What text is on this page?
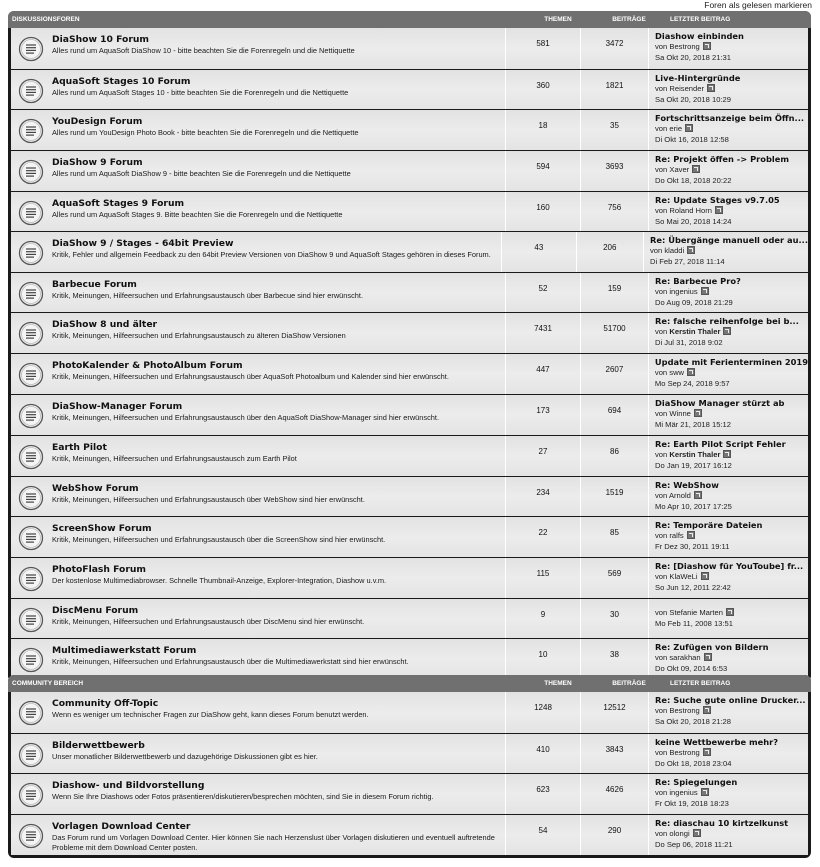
Foren als gelesen markieren
DISKUSSIONSFOREN	THEMEN	BEITRÄGE	LETZTER BEITRAG
DiaShow 10 Forum
Alles rund um AquaSoft DiaShow 10 - bitte beachten Sie die Forenregeln und die Nettiquette
581	3472
Diashow einbinden
von Bestrong
Sa Okt 20, 2018 21:31
AquaSoft Stages 10 Forum
Alles rund um AquaSoft Stages 10 - bitte beachten Sie die Forenregeln und die Nettiquette
360	1821
Live-Hintergründe
von Reisender
Sa Okt 20, 2018 10:29
YouDesign Forum
Alles rund um YouDesign Photo Book - bitte beachten Sie die Forenregeln und die Nettiquette
18	35
Fortschrittsanzeige beim Öffn...
von erie
Di Okt 16, 2018 12:58
DiaShow 9 Forum
Alles rund um AquaSoft DiaShow 9 - bitte beachten Sie die Forenregeln und die Nettiquette
594	3693
Re: Projekt öffen -> Problem
von Xaver
Do Okt 18, 2018 20:22
AquaSoft Stages 9 Forum
Alles rund um AquaSoft Stages 9. Bitte beachten Sie die Forenregeln und die Nettiquette
160	756
Re: Update Stages v9.7.05
von Roland Horn
So Mai 20, 2018 14:24
DiaShow 9 / Stages - 64bit Preview
Kritik, Fehler und allgemein Feedback zu den 64bit Preview Versionen von DiaShow 9 und AquaSoft Stages gehören in dieses Forum.
43	206
Re: Übergänge manuell oder au...
von kladdi
Di Feb 27, 2018 11:14
Barbecue Forum
Kritik, Meinungen, Hilfeersuchen und Erfahrungsaustausch über Barbecue sind hier erwünscht.
52	159
Re: Barbecue Pro?
von ingenius
Do Aug 09, 2018 21:29
DiaShow 8 und älter
Kritik, Meinungen, Hilfeersuchen und Erfahrungsaustausch zu älteren DiaShow Versionen
7431	51700
Re: falsche reihenfolge bei b...
von Kerstin Thaler
Di Jul 31, 2018 9:02
PhotoKalender & PhotoAlbum Forum
Kritik, Meinungen, Hilfeersuchen und Erfahrungsaustausch über AquaSoft Photoalbum und Kalender sind hier erwünscht.
447	2607
Update mit Ferienterminen 2019
von sww
Mo Sep 24, 2018 9:57
DiaShow-Manager Forum
Kritik, Meinungen, Hilfeersuchen und Erfahrungsaustausch über den AquaSoft DiaShow-Manager sind hier erwünscht.
173	694
DiaShow Manager stürzt ab
von Winne
Mi Mär 21, 2018 15:12
Earth Pilot
Kritik, Meinungen, Hilfeersuchen und Erfahrungsaustausch zum Earth Pilot
27	86
Re: Earth Pilot Script Fehler
von Kerstin Thaler
Do Jan 19, 2017 16:12
WebShow Forum
Kritik, Meinungen, Hilfeersuchen und Erfahrungsaustausch über WebShow sind hier erwünscht.
234	1519
Re: WebShow
von Arnold
Mo Apr 10, 2017 17:25
ScreenShow Forum
Kritik, Meinungen, Hilfeersuchen und Erfahrungsaustausch über die ScreenShow sind hier erwünscht.
22	85
Re: Temporäre Dateien
von ralfs
Fr Dez 30, 2011 19:11
PhotoFlash Forum
Der kostenlose Multimediabrowser. Schnelle Thumbnail-Anzeige, Explorer-Integration, Diashow u.v.m.
115	569
Re: [Diashow für YouToube] fr...
von KlaWeLi
So Jun 12, 2011 22:42
DiscMenu Forum
Kritik, Meinungen, Hilfeersuchen und Erfahrungsaustausch über DiscMenu sind hier erwünscht.
9	30	von Stefanie Marten
Mo Feb 11, 2008 13:51
Multimediawerkstatt Forum
Kritik, Meinungen, Hilfeersuchen und Erfahrungsaustausch über die Multimediawerkstatt sind hier erwünscht.
10	38
Re: Zufügen von Bildern
von sarakhan
Do Okt 09, 2014 6:53
COMMUNITY BEREICH	THEMEN	BEITRÄGE	LETZTER BEITRAG
Community Off-Topic
Wenn es weniger um technischer Fragen zur DiaShow geht, kann dieses Forum benutzt werden.
1248	12512
Re: Suche gute online Drucker...
von Bestrong
Sa Okt 20, 2018 21:28
Bilderwettbewerb
Unser monatlicher Bilderwettbewerb und dazugehörige Diskussionen gibt es hier.
410	3843
keine Wettbewerbe mehr?
von Bestrong
Do Okt 18, 2018 23:04
Diashow- und Bildvorstellung
Wenn Sie Ihre Diashows oder Fotos präsentieren/diskutieren/besprechen möchten, sind Sie in diesem Forum richtig.
623	4626
Re: Spiegelungen
von ingenius
Fr Okt 19, 2018 18:23
Vorlagen Download Center
Das Forum rund um Vorlagen Download Center. Hier können Sie nach Herzenslust über Vorlagen diskutieren und eventuell auftretende Probleme mit dem Download Center posten.
54	290
Re: diaschau 10 kirtzelkunst
von olongi
Do Sep 06, 2018 11:21
